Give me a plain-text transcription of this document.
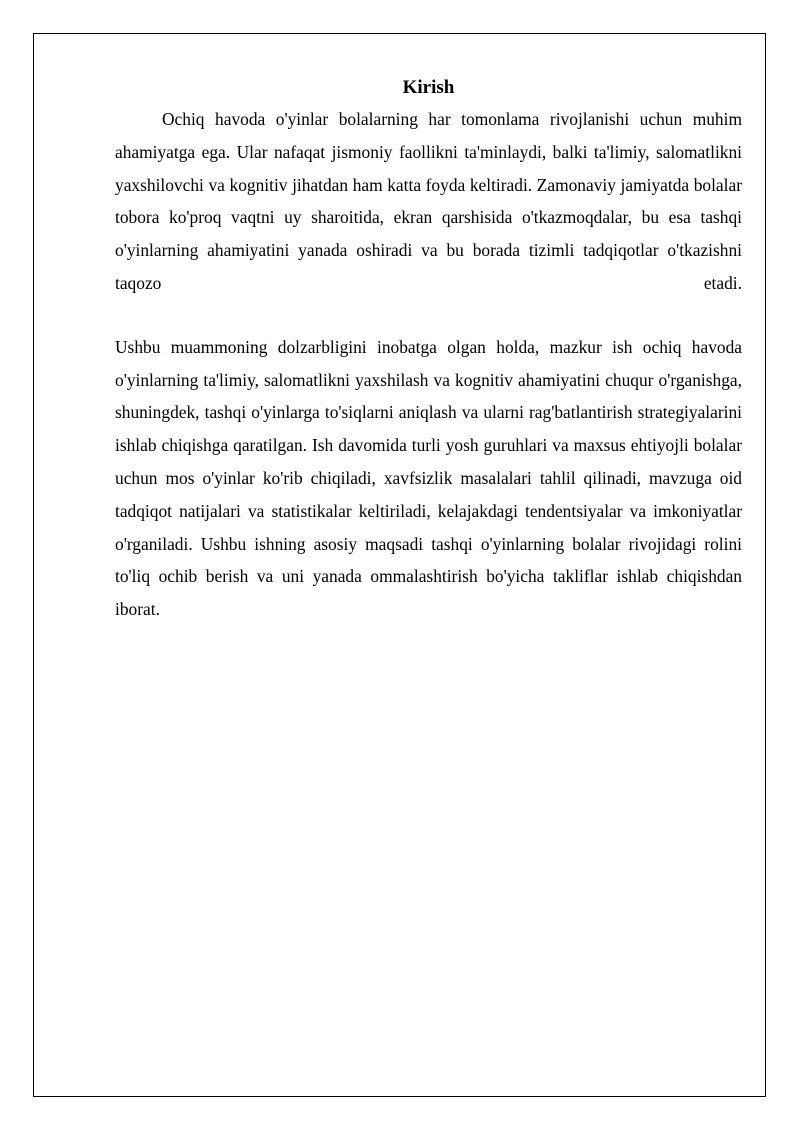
Kirish

Ochiq havoda o'yinlar bolalarning har tomonlama rivojlanishi uchun muhim ahamiyatga ega. Ular nafaqat jismoniy faollikni ta'minlaydi, balki ta'limiy, salomatlikni yaxshilovchi va kognitiv jihatdan ham katta foyda keltiradi. Zamonaviy jamiyatda bolalar tobora ko'proq vaqtni uy sharoitida, ekran qarshisida o'tkazmoqdalar, bu esa tashqi o'yinlarning ahamiyatini yanada oshiradi va bu borada tizimli tadqiqotlar o'tkazishni taqozo etadi.

Ushbu muammoning dolzarbligini inobatga olgan holda, mazkur ish ochiq havoda o'yinlarning ta'limiy, salomatlikni yaxshilash va kognitiv ahamiyatini chuqur o'rganishga, shuningdek, tashqi o'yinlarga to'siqlarni aniqlash va ularni rag'batlantirish strategiyalarini ishlab chiqishga qaratilgan. Ish davomida turli yosh guruhlari va maxsus ehtiyojli bolalar uchun mos o'yinlar ko'rib chiqiladi, xavfsizlik masalalari tahlil qilinadi, mavzuga oid tadqiqot natijalari va statistikalar keltiriladi, kelajakdagi tendentsiyalar va imkoniyatlar o'rganiladi. Ushbu ishning asosiy maqsadi tashqi o'yinlarning bolalar rivojidagi rolini to'liq ochib berish va uni yanada ommalashtirish bo'yicha takliflar ishlab chiqishdan iborat.
